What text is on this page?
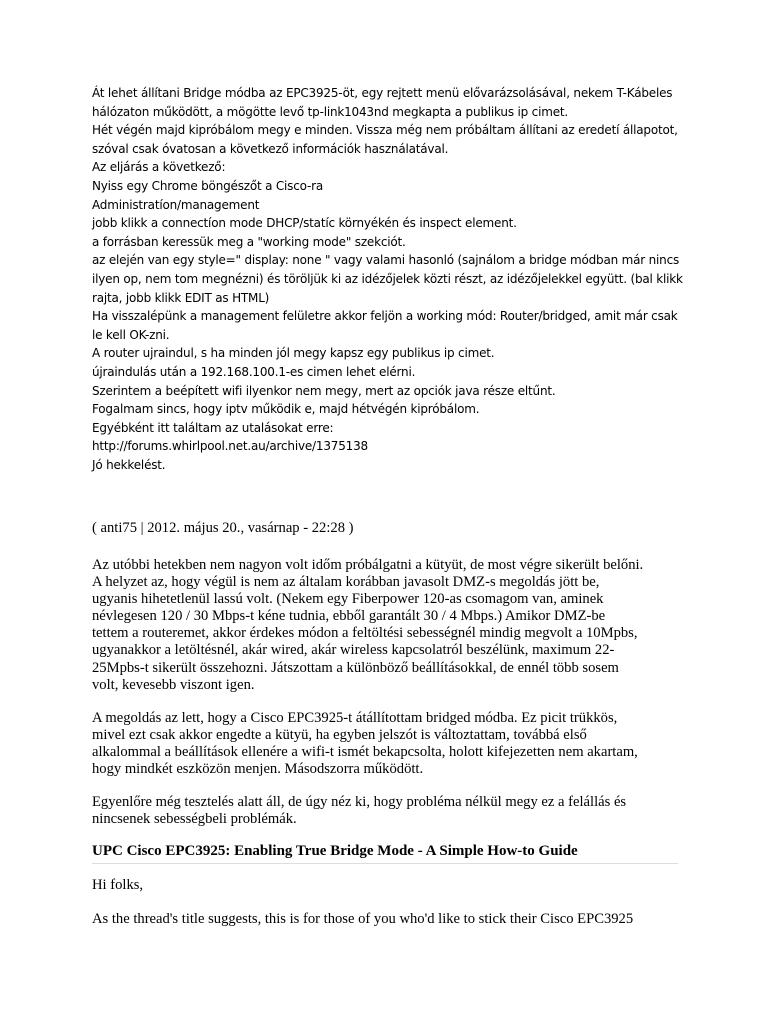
Át lehet állítani Bridge módba az EPC3925-öt, egy rejtett menü elővarázsolásával, nekem T-Kábeles
hálózaton működött, a mögötte levő tp-link1043nd megkapta a publikus ip cimet.
Hét végén majd kipróbálom megy e minden. Vissza még nem próbáltam állítani az eredetí állapotot,
szóval csak óvatosan a következő információk használatával.
Az eljárás a következő:
Nyiss egy Chrome böngészőt a Cisco-ra
Administratíon/management
jobb klikk a connectíon mode DHCP/statíc környékén és inspect element.
a forrásban keressük meg a "working mode" szekciót.
az elején van egy style=" display: none " vagy valami hasonló (sajnálom a bridge módban már nincs
ilyen op, nem tom megnézni) és töröljük ki az idézőjelek közti részt, az idézőjelekkel együtt. (bal klikk
rajta, jobb klikk EDIT as HTML)
Ha visszalépünk a management felületre akkor feljön a working mód: Router/bridged, amit már csak
le kell OK-zni.
A router ujraindul, s ha minden jól megy kapsz egy publikus ip cimet.
újraindulás után a 192.168.100.1-es cimen lehet elérni.
Szerintem a beépített wifi ilyenkor nem megy, mert az opciók java része eltűnt.
Fogalmam sincs, hogy iptv működik e, majd hétvégén kipróbálom.
Egyébként itt találtam az utalásokat erre:
http://forums.whirlpool.net.au/archive/1375138
Jó hekkelést.
( anti75 | 2012. május 20., vasárnap - 22:28 )
Az utóbbi hetekben nem nagyon volt időm próbálgatni a kütyüt, de most végre sikerült belőni.
A helyzet az, hogy végül is nem az általam korábban javasolt DMZ-s megoldás jött be,
ugyanis hihetetlenül lassú volt. (Nekem egy Fiberpower 120-as csomagom van, aminek
névlegesen 120 / 30 Mbps-t kéne tudnia, ebből garantált 30 / 4 Mbps.) Amikor DMZ-be
tettem a routeremet, akkor érdekes módon a feltöltési sebességnél mindig megvolt a 10Mpbs,
ugyanakkor a letöltésnél, akár wired, akár wireless kapcsolatról beszélünk, maximum 22-
25Mpbs-t sikerült összehozni. Játszottam a különböző beállításokkal, de ennél több sosem
volt, kevesebb viszont igen.
A megoldás az lett, hogy a Cisco EPC3925-t átállítottam bridged módba. Ez picit trükkös,
mivel ezt csak akkor engedte a kütyü, ha egyben jelszót is változtattam, továbbá első
alkalommal a beállítások ellenére a wifi-t ismét bekapcsolta, holott kifejezetten nem akartam,
hogy mindkét eszközön menjen. Másodszorra működött.
Egyenlőre még tesztelés alatt áll, de úgy néz ki, hogy probléma nélkül megy ez a felállás és
nincsenek sebességbeli problémák.
UPC Cisco EPC3925: Enabling True Bridge Mode - A Simple How-to Guide
Hi folks,
As the thread's title suggests, this is for those of you who'd like to stick their Cisco EPC3925
